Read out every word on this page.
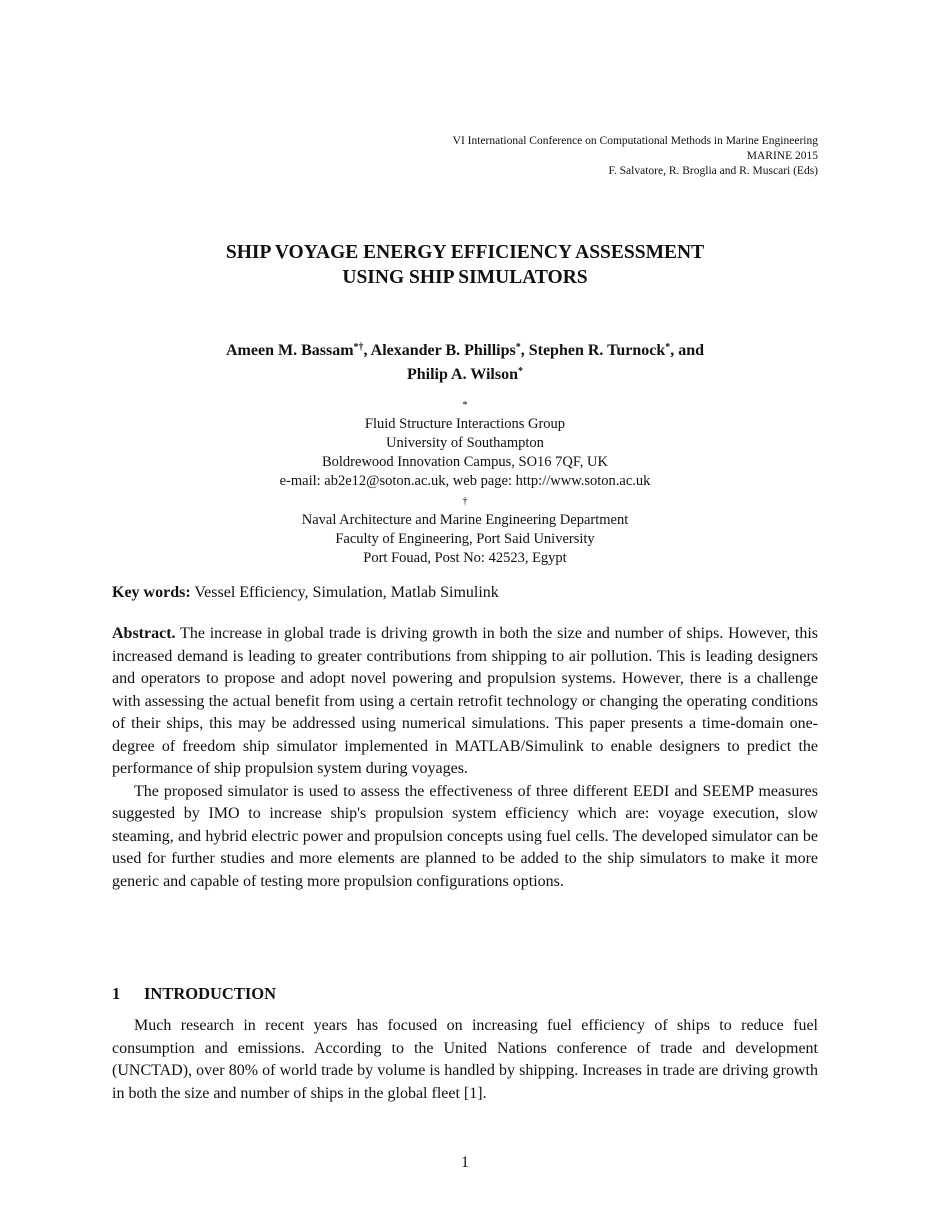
VI International Conference on Computational Methods in Marine Engineering
MARINE 2015
F. Salvatore, R. Broglia and R. Muscari (Eds)
SHIP VOYAGE ENERGY EFFICIENCY ASSESSMENT
USING SHIP SIMULATORS
Ameen M. Bassam*†, Alexander B. Phillips*, Stephen R. Turnock*, and
Philip A. Wilson*
*
Fluid Structure Interactions Group
University of Southampton
Boldrewood Innovation Campus, SO16 7QF, UK
e-mail: ab2e12@soton.ac.uk, web page: http://www.soton.ac.uk
†
Naval Architecture and Marine Engineering Department
Faculty of Engineering, Port Said University
Port Fouad, Post No: 42523, Egypt
Key words: Vessel Efficiency, Simulation, Matlab Simulink

Abstract. The increase in global trade is driving growth in both the size and number of ships. However, this increased demand is leading to greater contributions from shipping to air pollution. This is leading designers and operators to propose and adopt novel powering and propulsion systems. However, there is a challenge with assessing the actual benefit from using a certain retrofit technology or changing the operating conditions of their ships, this may be addressed using numerical simulations. This paper presents a time-domain one-degree of freedom ship simulator implemented in MATLAB/Simulink to enable designers to predict the performance of ship propulsion system during voyages.

The proposed simulator is used to assess the effectiveness of three different EEDI and SEEMP measures suggested by IMO to increase ship's propulsion system efficiency which are: voyage execution, slow steaming, and hybrid electric power and propulsion concepts using fuel cells. The developed simulator can be used for further studies and more elements are planned to be added to the ship simulators to make it more generic and capable of testing more propulsion configurations options.

1 INTRODUCTION

Much research in recent years has focused on increasing fuel efficiency of ships to reduce fuel consumption and emissions. According to the United Nations conference of trade and development (UNCTAD), over 80% of world trade by volume is handled by shipping. Increases in trade are driving growth in both the size and number of ships in the global fleet [1].

1
